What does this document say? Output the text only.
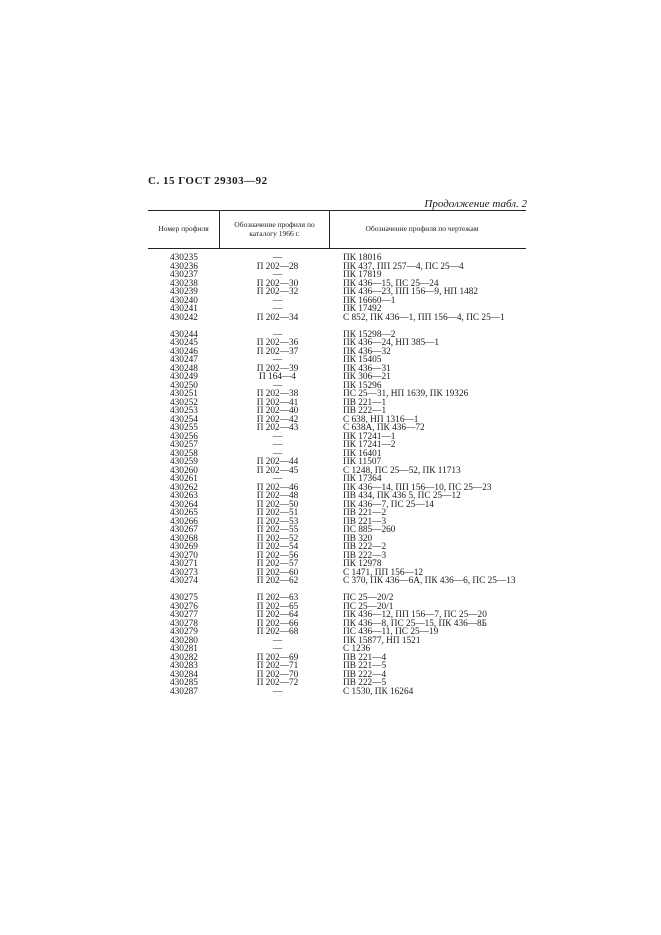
С. 15 ГОСТ 29303—92
Продолжение табл. 2
Номер профиля	Обозначение профиля по каталогу 1966 г.	Обозначение профиля по чертежам
430235	—	ПК 18016
430236	П 202—28	ПК 437, ПП 257—4, ПС 25—4
430237	—	ПК 17819
430238	П 202—30	ПК 436—15, ПС 25—24
430239	П 202—32	ПК 436—23, ПП 156—9, НП 1482
430240	—	ПК 16660—1
430241	—	ПК 17492
430242	П 202—34	С 852, ПК 436—1, ПП 156—4, ПС 25—1
430244	—	ПК 15298—2
430245	П 202—36	ПК 436—24, НП 385—1
430246	П 202—37	ПК 436—32
430247	—	ПК 15405
430248	П 202—39	ПК 436—31
430249	П 164—4	ПК 306—21
430250	—	ПК 15296
430251	П 202—38	ПС 25—31, НП 1639, ПК 19326
430252	П 202—41	ПВ 221—1
430253	П 202—40	ПВ 222—1
430254	П 202—42	С 638, НП 1316—1
430255	П 202—43	С 638А, ПК 436—72
430256	—	ПК 17241—1
430257	—	ПК 17241—2
430258	—	ПК 16401
430259	П 202—44	ПК 11507
430260	П 202—45	С 1248, ПС 25—52, ПК 11713
430261	—	ПК 17364
430262	П 202—46	ПК 436—14, ПП 156—10, ПС 25—23
430263	П 202—48	ПВ 434, ПК 436 5, ПС 25—12
430264	П 202—50	ПК 436—7, ПС 25—14
430265	П 202—51	ПВ 221—2
430266	П 202—53	ПВ 221—3
430267	П 202—55	ПС 885—260
430268	П 202—52	ПВ 320
430269	П 202—54	ПВ 222—2
430270	П 202—56	ПВ 222—3
430271	П 202—57	ПК 12978
430273	П 202—60	С 1471, ПП 156—12
430274	П 202—62	С 370, ПК 436—6А, ПК 436—6, ПС 25—13
430275	П 202—63	ПС 25—20/2
430276	П 202—65	ПС 25—20/1
430277	П 202—64	ПК 436—12, ПП 156—7, ПС 25—20
430278	П 202—66	ПК 436—8, ПС 25—15, ПК 436—8Б
430279	П 202—68	ПС 436—11, ПС 25—19
430280	—	ПК 15877, НП 1521
430281	—	С 1236
430282	П 202—69	ПВ 221—4
430283	П 202—71	ПВ 221—5
430284	П 202—70	ПВ 222—4
430285	П 202—72	ПВ 222—5
430287	—	С 1530, ПК 16264
